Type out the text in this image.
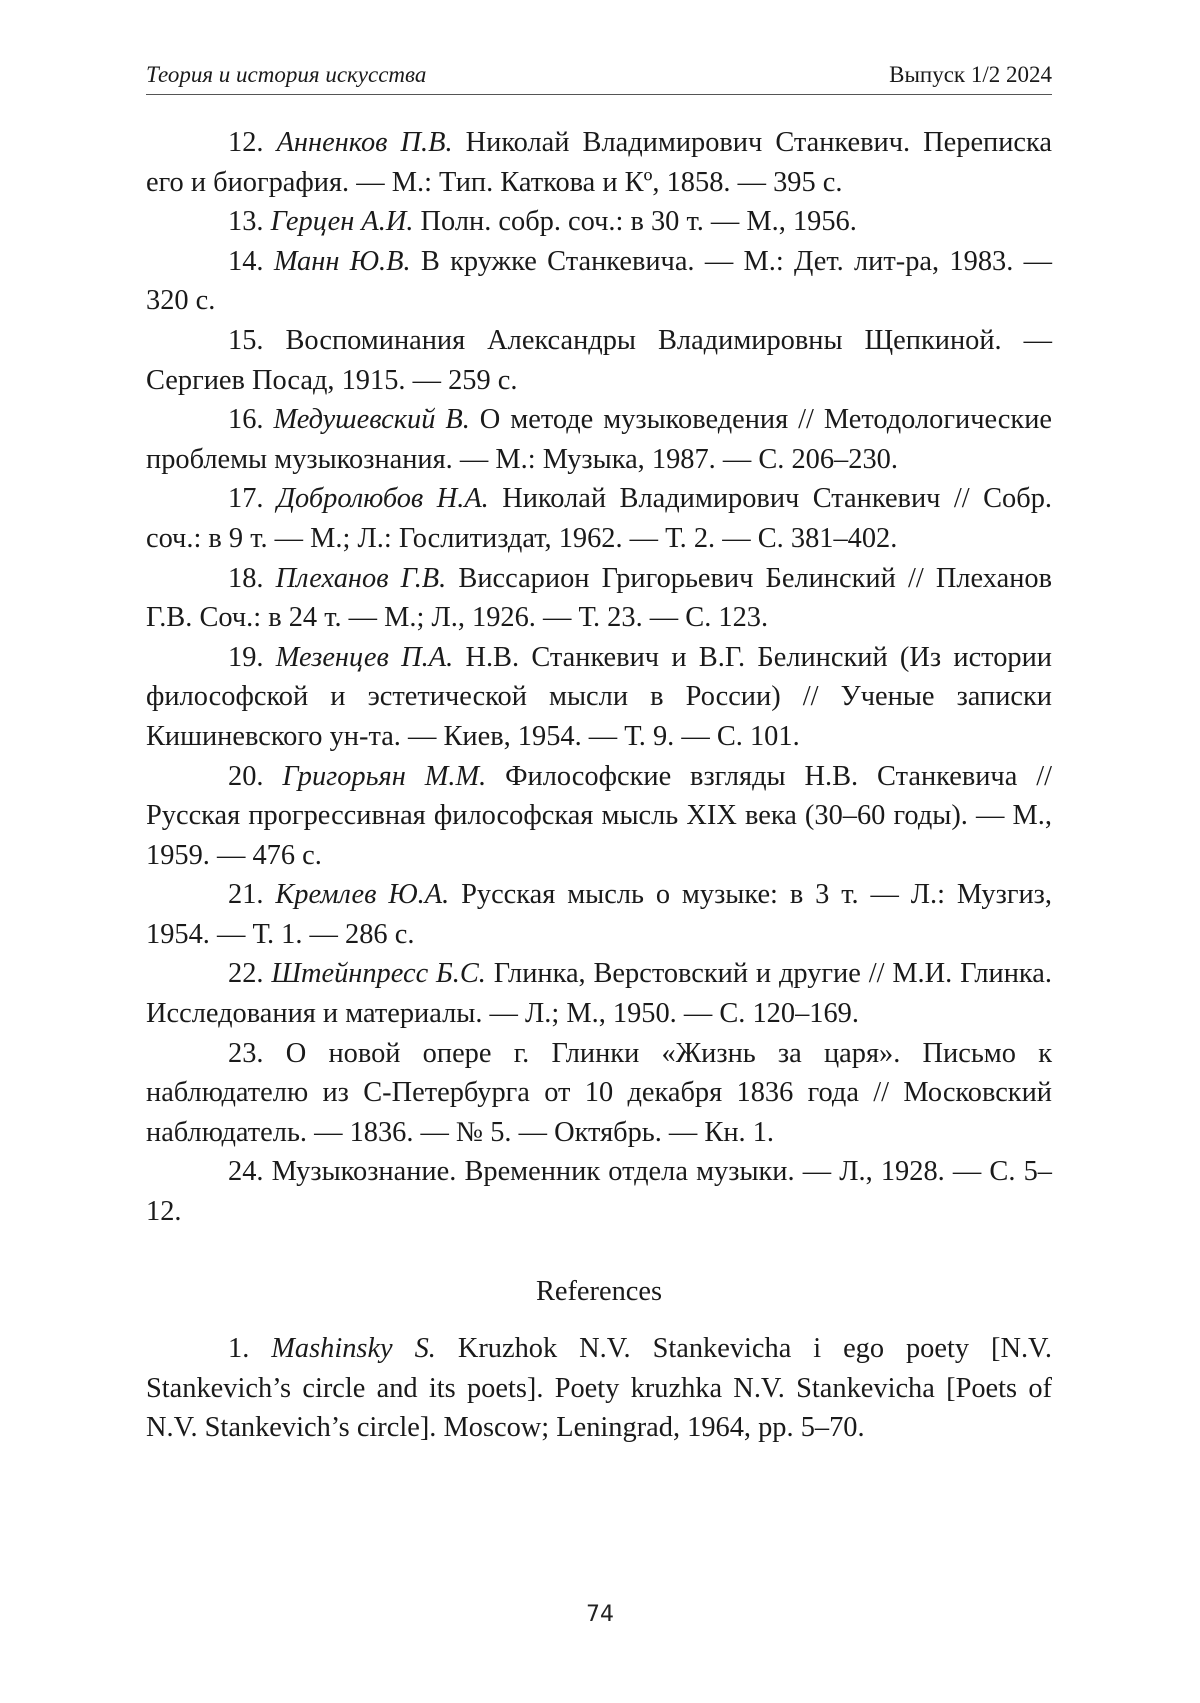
Теория и история искусства	Выпуск 1/2 2024

12. Анненков П.В. Николай Владимирович Станкевич. Переписка его и биография. — М.: Тип. Каткова и Кº, 1858. — 395 с.

13. Герцен А.И. Полн. собр. соч.: в 30 т. — М., 1956.

14. Манн Ю.В. В кружке Станкевича. — М.: Дет. лит-ра, 1983. — 320 с.

15. Воспоминания Александры Владимировны Щепкиной. — Сергиев Посад, 1915. — 259 с.

16. Медушевский В. О методе музыковедения // Методологические проблемы музыкознания. — М.: Музыка, 1987. — С. 206–230.

17. Добролюбов Н.А. Николай Владимирович Станкевич // Собр. соч.: в 9 т. — М.; Л.: Гослитиздат, 1962. — Т. 2. — С. 381–402.

18. Плеханов Г.В. Виссарион Григорьевич Белинский // Плеханов Г.В. Соч.: в 24 т. — М.; Л., 1926. — Т. 23. — С. 123.

19. Мезенцев П.А. Н.В. Станкевич и В.Г. Белинский (Из истории философской и эстетической мысли в России) // Ученые записки Кишиневского ун-та. — Киев, 1954. — Т. 9. — С. 101.

20. Григорьян М.М. Философские взгляды Н.В. Станкевича // Русская прогрессивная философская мысль XIX века (30–60 годы). — М., 1959. — 476 с.

21. Кремлев Ю.А. Русская мысль о музыке: в 3 т. — Л.: Музгиз, 1954. — Т. 1. — 286 с.

22. Штейнпресс Б.С. Глинка, Верстовский и другие // М.И. Глинка. Исследования и материалы. — Л.; М., 1950. — С. 120–169.

23. О новой опере г. Глинки «Жизнь за царя». Письмо к наблюдателю из С-Петербурга от 10 декабря 1836 года // Московский наблюдатель. — 1836. — № 5. — Октябрь. — Кн. 1.

24. Музыкознание. Временник отдела музыки. — Л., 1928. — С. 5–12.

References

1. Mashinsky S. Kruzhok N.V. Stankevicha i ego poety [N.V. Stankevich’s circle and its poets]. Poety kruzhka N.V. Stankevicha [Poets of N.V. Stankevich’s circle]. Moscow; Leningrad, 1964, pp. 5–70.

74
